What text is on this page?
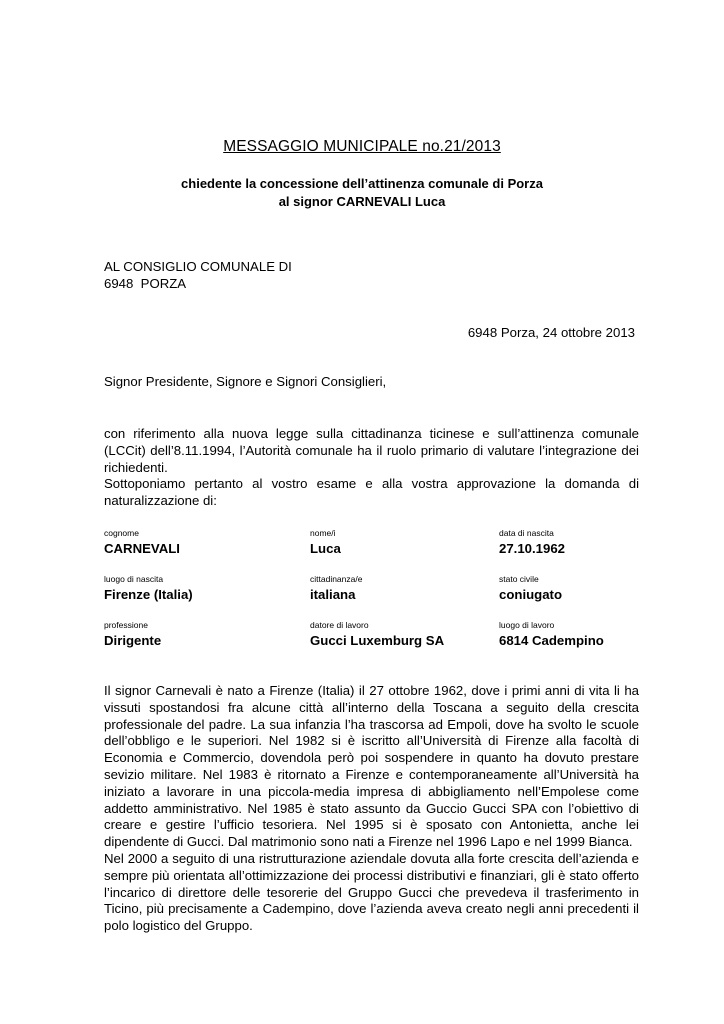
MESSAGGIO MUNICIPALE no.21/2013
chiedente la concessione dell’attinenza comunale di Porza
al signor CARNEVALI Luca
AL CONSIGLIO COMUNALE DI
6948  PORZA
6948 Porza, 24 ottobre 2013
Signor Presidente, Signore e Signori Consiglieri,

con riferimento alla nuova legge sulla cittadinanza ticinese e sull’attinenza comunale (LCCit) dell’8.11.1994, l’Autorità comunale ha il ruolo primario di valutare l’integrazione dei richiedenti.

Sottoponiamo pertanto al vostro esame e alla vostra approvazione la domanda di naturalizzazione di:

cognome
CARNEVALI
nome/i
Luca
data di nascita
27.10.1962
luogo di nascita
Firenze (Italia)
cittadinanza/e
italiana
stato civile
coniugato
professione
Dirigente
datore di lavoro
Gucci Luxemburg SA
luogo di lavoro
6814 Cadempino

Il signor Carnevali è nato a Firenze (Italia) il 27 ottobre 1962, dove i primi anni di vita li ha vissuti spostandosi fra alcune città all’interno della Toscana a seguito della crescita professionale del padre. La sua infanzia l’ha trascorsa ad Empoli, dove ha svolto le scuole dell’obbligo e le superiori. Nel 1982 si è iscritto all’Università di Firenze alla facoltà di Economia e Commercio, dovendola però poi sospendere in quanto ha dovuto prestare sevizio militare. Nel 1983 è ritornato a Firenze e contemporaneamente all’Università ha iniziato a lavorare in una piccola-media impresa di abbigliamento nell’Empolese come addetto amministrativo. Nel 1985 è stato assunto da Guccio Gucci SPA con l’obiettivo di creare e gestire l’ufficio tesoriera. Nel 1995 si è sposato con Antonietta, anche lei dipendente di Gucci. Dal matrimonio sono nati a Firenze nel 1996 Lapo e nel 1999 Bianca.

Nel 2000 a seguito di una ristrutturazione aziendale dovuta alla forte crescita dell’azienda e sempre più orientata all’ottimizzazione dei processi distributivi e finanziari, gli è stato offerto l’incarico di direttore delle tesorerie del Gruppo Gucci che prevedeva il trasferimento in Ticino, più precisamente a Cadempino, dove l’azienda aveva creato negli anni precedenti il polo logistico del Gruppo.
